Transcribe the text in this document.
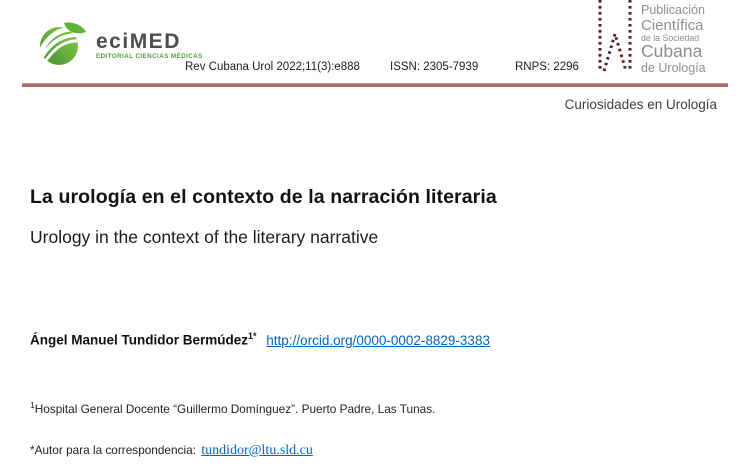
eciMED
EDITORIAL CIENCIAS MÉDICAS
Rev Cubana Urol 2022;11(3):e888	ISSN: 2305-7939	RNPS: 2296
Publicación
Científica
de la Sociedad
Cubana
de Urología
Curiosidades en Urología
La urología en el contexto de la narración literaria
Urology in the context of the literary narrative
Ángel Manuel Tundidor Bermúdez$^{1*}$ http://orcid.org/0000-0002-8829-3383
$^1$Hospital General Docente “Guillermo Domínguez”. Puerto Padre, Las Tunas.
*Autor para la correspondencia: tundidor@ltu.sld.cu
